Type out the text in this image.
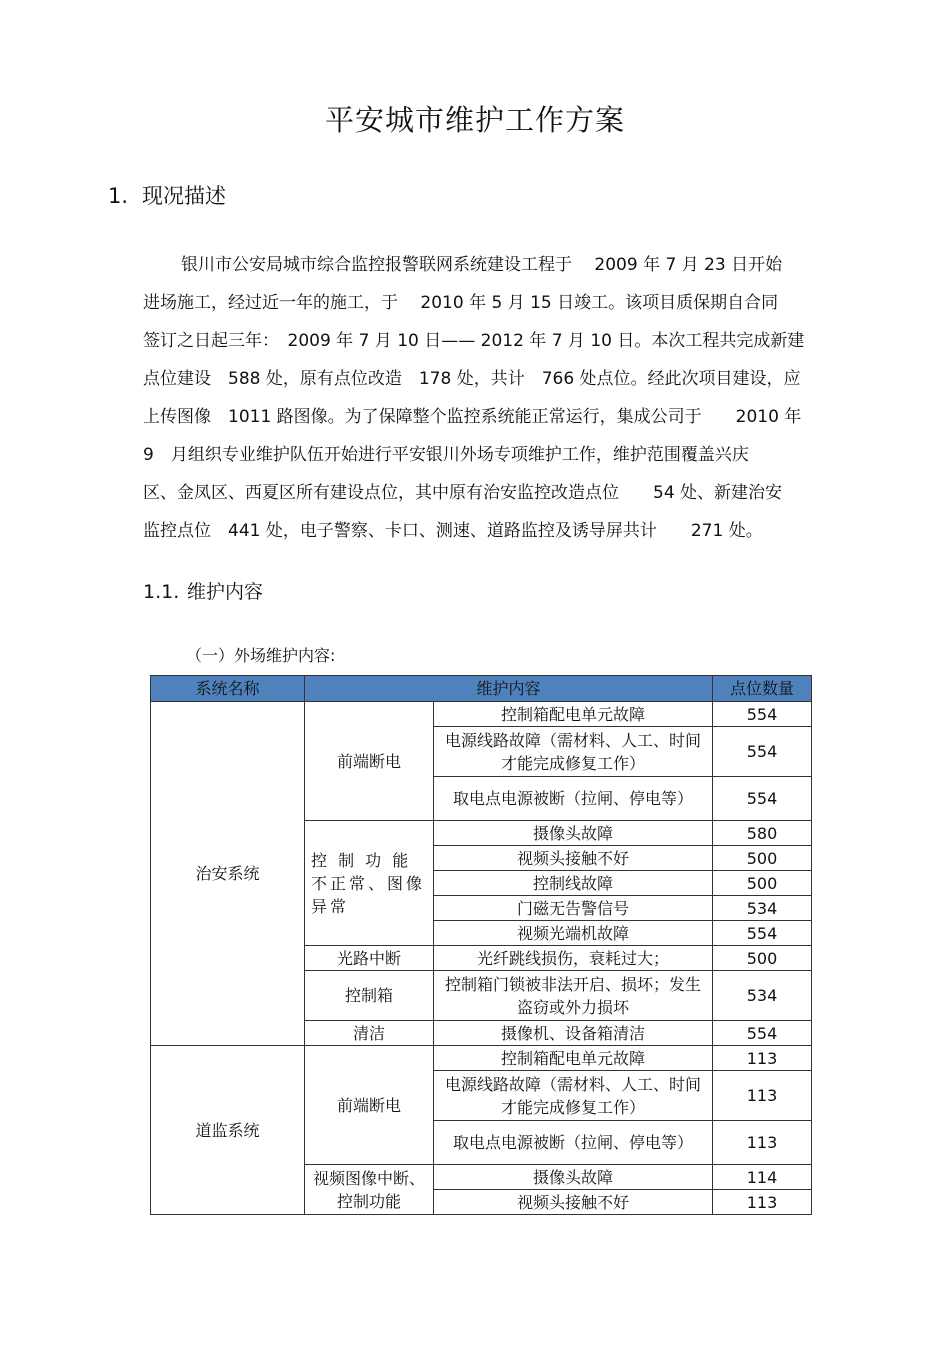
平安城市维护工作方案
1. 现况描述
银川市公安局城市综合监控报警联网系统建设工程于 　2009 年 7 月 23 日开始
进场施工，经过近一年的施工，于　 2010 年 5 月 15 日竣工。该项目质保期自合同
签订之日起三年：　2009 年 7 月 10 日—— 2012 年 7 月 10 日。本次工程共完成新建
点位建设　588 处，原有点位改造　178 处，共计　766 处点位。经此次项目建设，应
上传图像　1011 路图像。为了保障整个监控系统能正常运行，集成公司于　　2010 年
9　月组织专业维护队伍开始进行平安银川外场专项维护工作，维护范围覆盖兴庆
区、金凤区、西夏区所有建设点位，其中原有治安监控改造点位　　54 处、新建治安
监控点位　441 处，电子警察、卡口、测速、道路监控及诱导屏共计　　271 处。
1.1. 维护内容
（一）外场维护内容:
系统名称	维护内容		点位数量
治安系统	前端断电	控制箱配电单元故障	554
		电源线路故障（需材料、人工、时间才能完成修复工作）	554
		取电点电源被断（拉闸、停电等）	554
	控 制 功 能 不正常、图像异常	摄像头故障	580
		视频头接触不好	500
		控制线故障	500
		门磁无告警信号	534
		视频光端机故障	554
	光路中断	光纤跳线损伤，衰耗过大；	500
	控制箱	控制箱门锁被非法开启、损坏；发生盗窃或外力损坏	534
	清洁	摄像机、设备箱清洁	554
道监系统	前端断电	控制箱配电单元故障	113
		电源线路故障（需材料、人工、时间才能完成修复工作）	113
		取电点电源被断（拉闸、停电等）	113
	视频图像中断、控制功能	摄像头故障	114
		视频头接触不好	113
